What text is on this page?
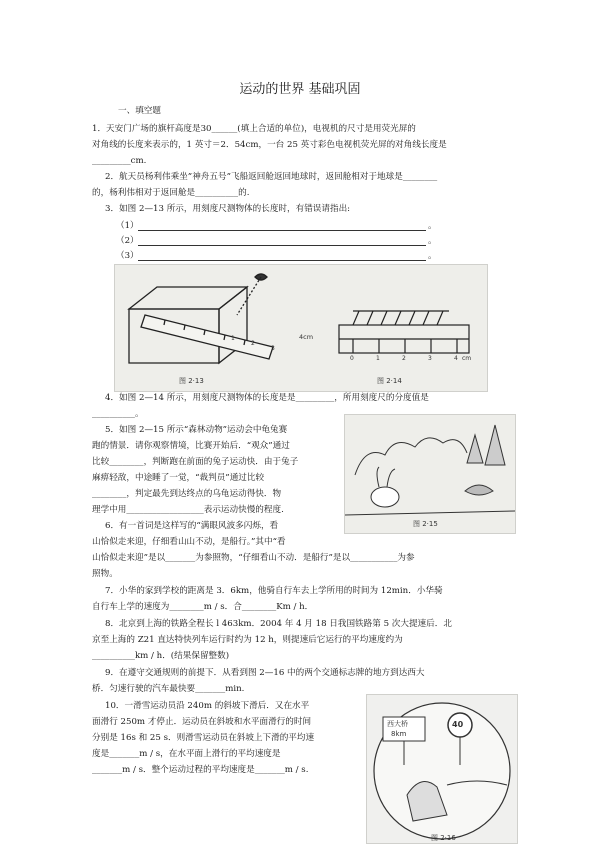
运动的世界 基础巩固
一、填空题
1．天安门广场的旗杆高度是30______(填上合适的单位)，电视机的尺寸是用荧光屏的
对角线的长度来表示的，1 英寸＝2．54cm，一台 25 英寸彩色电视机荧光屏的对角线长度是
_________cm.
2．航天员杨利伟乘坐”神舟五号”飞船返回舱返回地球时，返回舱相对于地球是________
的，杨利伟相对于返回舱是__________的.
3．如图 2—13 所示，用刻度尺测物体的长度时，有错误请指出:
（1）	。
（2）	。
（3）	。
1
2
3
4cm
0	1	2	3	4 cm
图 2·13	图 2·14
4．如图 2—14 所示，用刻度尺测物体的长度是是_________，所用刻度尺的分度值是
__________。
图 2·15
5．如图 2—15 所示“森林动物”运动会中龟兔赛
跑的情景．请你观察情境，比赛开始后．“观众”通过
比较________，判断跑在前面的兔子运动快．由于兔子
麻痹轻敌，中途睡了一觉，“裁判员”通过比较
________，判定最先到达终点的乌龟运动得快．物
理学中用__________________表示运动快慢的程度.
6．有一首词是这样写的“满眼风波多闪烁，看
山恰似走来迎，仔细看山山不动，是船行。”其中“看
山恰似走来迎”是以_______为参照物，“仔细看山不动．是船行”是以___________为参
照物。
7．小华的家到学校的距离是 3．6km，他骑自行车去上学所用的时间为 12min．小华骑
自行车上学的速度为________m / s．合________Km / h．
8．北京到上海的铁路全程长 l 463km．2004 年 4 月 18 日我国铁路第 5 次大提速后．北
京至上海的 Z21 直达特快列车运行时约为 12 h，则提速后它运行的平均速度约为
__________km / h．(结果保留整数)
9．在遵守交通规则的前提下．从看到图 2—16 中的两个交通标志牌的地方到达西大
桥．匀速行驶的汽车最快要_______min.
10．一滑雪运动员沿 240m 的斜坡下滑后．又在水平
面滑行 250m 才停止．运动员在斜坡和水平面滑行的时间
分别是 16s 和 25 s．则滑雪运动员在斜坡上下滑的平均速
度是_______m / s，在水平面上滑行的平均速度是
_______m / s．整个运动过程的平均速度是_______m / s.
西大桥
8km
40
图 2·16
